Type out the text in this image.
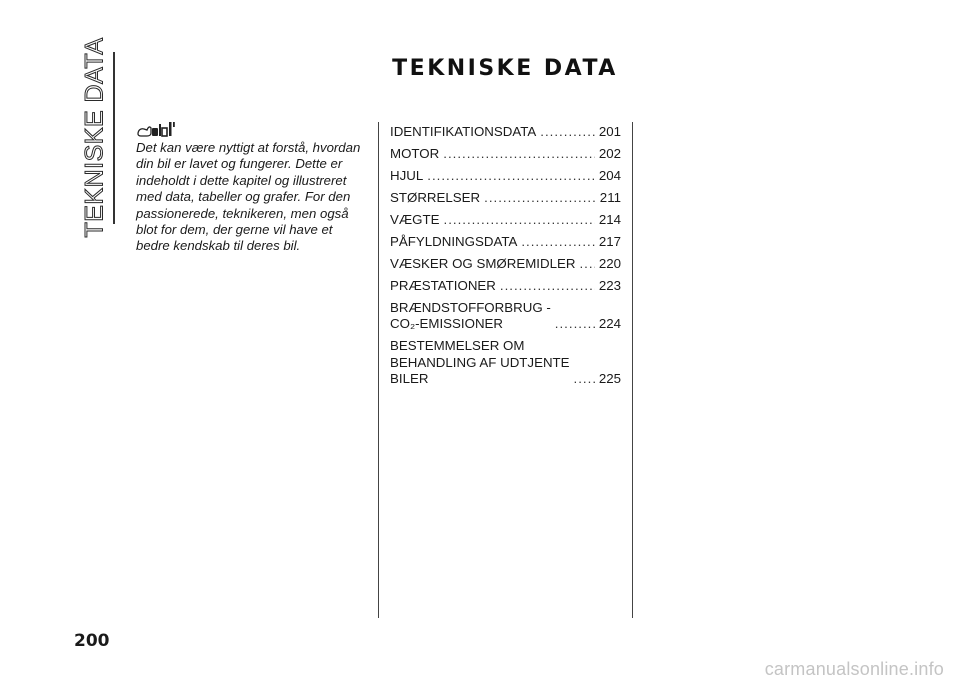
TEKNISKE DATA	TEKNISKE DATA
Det kan være nyttigt at forstå, hvordan din bil er lavet og fungerer. Dette er indeholdt i dette kapitel og illustreret med data, tabeller og grafer. For den passionerede, teknikeren, men også blot for dem, der gerne vil have et bedre kendskab til deres bil.
IDENTIFIKATIONSDATA .....	201
MOTOR .....	202
HJUL .....	204
STØRRELSER .....	211
VÆGTE .....	214
PÅFYLDNINGSDATA .....	217
VÆSKER OG SMØREMIDLER ..... 220
PRÆSTATIONER .....	223
BRÆNDSTOFFORBRUG -
CO₂-EMISSIONER .....	224
BESTEMMELSER OM
BEHANDLING AF UDTJENTE
BILER .....	225
200
carmanualsonline.info
